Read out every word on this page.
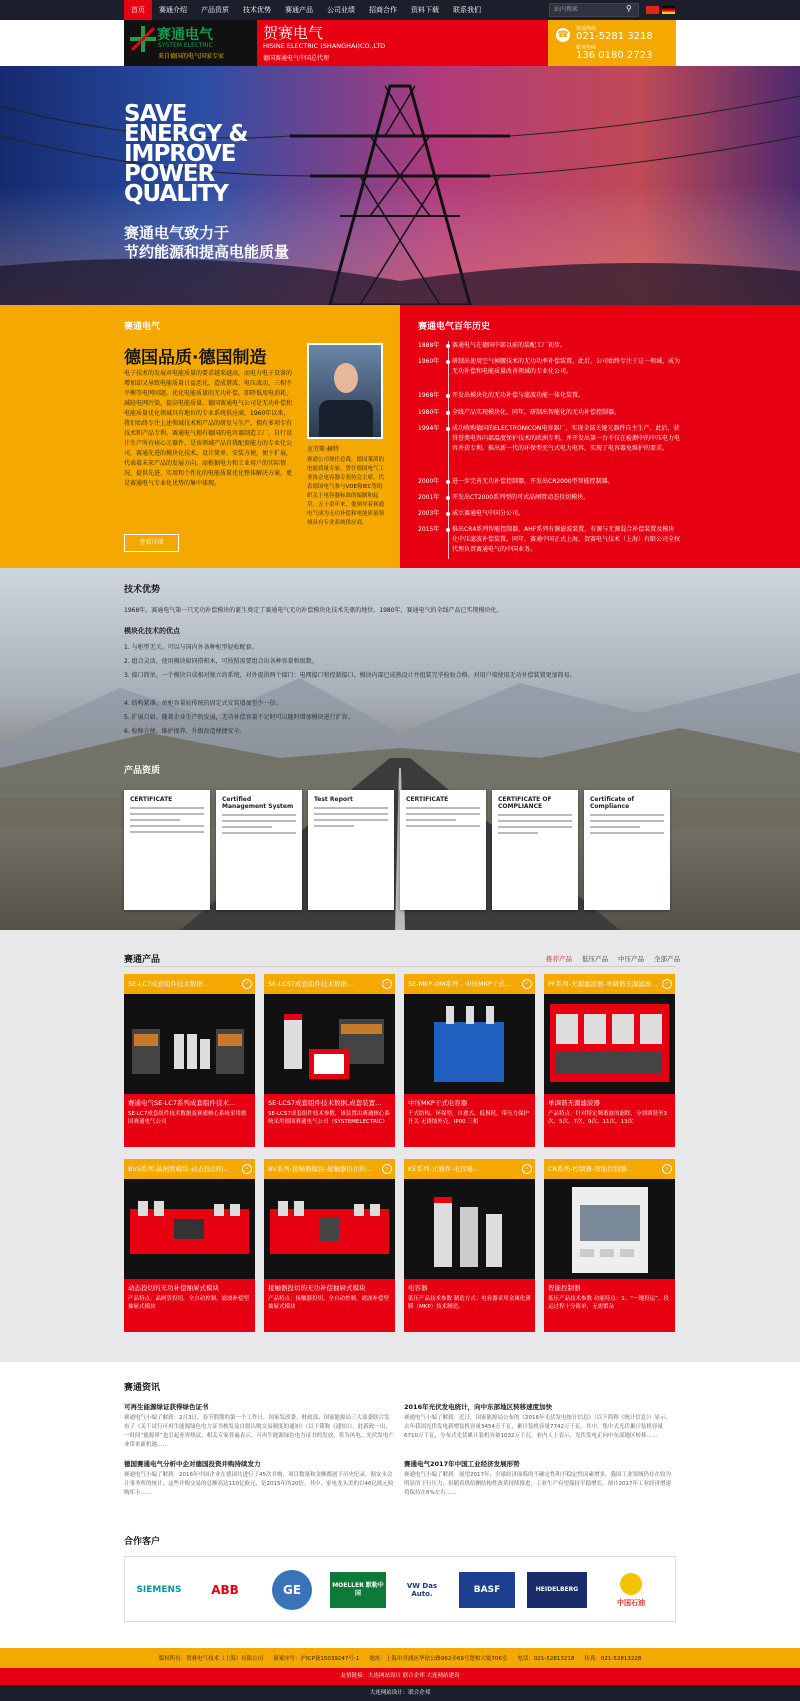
首页	赛通介绍	产品资质	技术优势	赛通产品	公司业绩	招商合作	资料下载	联系我们	站内搜索	⚲
赛通电气
SYSTEM ELECTRIC
来自德国的电气国家专家
贺赛电气
HISINE ELECTRIC (SHANGHAI)CO.,LTD
德国赛通电气中国总代理
☎
赛通热线
021-5281 3218
服务热线
136 0180 2723
SAVE
ENERGY &
IMPROVE
POWER
QUALITY
赛通电气致力于
节约能源和提高电能质量
赛通电气
德国品质·德国制造
电子技术的发展对电能质量的要求越来越高，而电力电子设备的增加却又导致电能质量日益恶化，造成谐波、电压波动、三相不平衡等电网问题。优化电能质量的无功补偿，即降低用电消耗、减轻电网污染，提高电能质量。德国赛通电气公司是无功补偿和电能质量优化领域具有地位的专业系统供应商。1960年以来，我们始终专注上述领域技术和产品的研发与生产，拥有多项专有技术和产品专利。赛通电气拥有德国的电容器制造工厂，自行设计生产所有核心元器件，是该领域产品自我配套能力的专业化公司。赛通先进的模块化技术，设计简单、安装方便，便于扩展，代表着未来产品的发展方向。而根据电力和工业用户的实际情况，提供先进、实用和个性化的电能质量优化整体解决方案，更是赛通电气专业化优势的集中体现。
克劳斯·赫特
赛通公司现任总裁，德国莱茵的电能质量专家，曾任德国电气工业协会电容器专业协会主席，代表德国电气参与VDE和IEC等组织关于电容器标准的编制和起草。五十余年来，他领导着赛通电气成为无功补偿和电能质量领域具有专业系统供应商。
查看详细
赛通电气百年历史
1888年	赛通电气在德国中部以前的装配工厂初步。
1960年	研制出使用空气帧腰技术的无功功率补偿装置。此后，公司始终专注于这一领域，成为无功补偿和电能质量改善领域的专业化公司。
1968年	开发出模块化的无功补偿与滤波功能一体化装置。
1980年	全线产品实现模块化。同年，研制出智能化的无功补偿控制器。
1994年	成功收购德国的ELECTRONICON电容器厂，实现全部关键元器件自主生产。此后，获得誉类电容内部温度保护技术的欧洲专利。并开发出第一台不仅在检测中的中压电力电容并获专利。推出新一代的环保型充气式电力电容，实现了电容器免维护的要求。
2000年	进一步完善无功补偿控制器，开发出CR2000型智能控制器。
2001年	开发出CT2000系列型的可式晶闸管动态投切模块。
2003年	成立赛通电气中国分公司。
2015年	推出CR4系列智能控制器，AHF系列有源滤波装置，有源与无源混合补偿装置及模块化中压滤波补偿装置。同年，赛通中国正式上海，贺赛电气技术（上海）有限公司全权代理负责赛通电气的中国业务。
技术优势
1968年，赛通电气第一只无功补偿模块的诞生奠定了赛通电气无功补偿模块化技术先驱的地位。1980年，赛通电气的全线产品已实现模块化。
模块化技术的优点
1. 与柜型无关。可以与国内外各种柜型轻松配套。
2. 组合灵活。使用模块如同搭积木，可按照需要组合出各种容量和级数。
3. 接口简单。一个模块自成相对独立的系统，对外提供两个接口：电网接口和控制接口。模块内部已成熟设计并组装完毕检验合格。对用户端使用无功补偿装置更加简易。
4. 结构紧凑。单柜容量较传统的固定式安装增加至少一倍。
5. 扩展自如。随着企业生产的发展，无功补偿容量不足时可以随时增加模块进行扩容。
6. 检修方便。维护保养、升级改造便捷安全。
产品资质
CERTIFICATE	Certified Management System
Test Report	CERTIFICATE	CERTIFICATE OF COMPLIANCE
Certificate of Compliance
赛通产品	推荐产品 低压产品 中压产品 全部产品
SE-LC7成套组件技术数据...	›
赛通电气SE-LC7系列成套组件技术...
SE-LC7成套组件技术数据及赛通核心系统采用德国赛通电气公司
SE-LCS7成套组件技术数据...	›
SE-LCS7成套组件技术数据,成套装置...
SE-LCS7成套组件技术参数，该装置由赛通核心系统采用德国赛通电气公司（SYSTEMELECTRIC）
SE-MKP-OM系列 - 中压MKP干式...	›
中压MKP干式电容器
干式结构，环保型，自愈式，低损耗，带压力保护开关 无锈蚀外壳，IP00 三相
PF系列-无源滤波器-单调谐无源滤波...	›
单调谐无源滤波器
产品特点：针对特定频谐波的滤除，分别调谐至3次、5次、7次、9次、11次、13次
BVS系列-晶闸管模块-动态投切的...	›
动态投切的无功补偿抽屉式模块
产品特点：晶闸管投切，全自动控制，滤波补偿型抽屉式模块
BV系列-接触器模块-接触器投切的...	›
接触器投切的无功补偿抽屉式模块
产品特点：接触器投切，全自动控制，滤波补偿型抽屉式模块
KE系列-元器件-电容器...	›
电容器
低压产品技术参数 制造方式：电容器采用金属化薄膜（MKP）技术制造。
CR系列-控制器-智能控制器...	›
智能控制器
低压产品技术参数 功能特点：1、“一键投运”，投运过程十分简单，无需繁杂
赛通资讯
可再生能源绿证获得绿色证书
赛通电气小编了解到：2月3日，春节假期的第一个工作日，国家发改委、财政部、国家能源局三大部委联合发布了《关于试行可再生能源绿色电力证书核发及自愿认购交易制度的通知》（以下简称《通知》），此新政一出，一时间“能源界”也引起业界热议，相关专家普遍表示，可再生能源绿色电力证书的发放，将为风电、光伏发电产业带来新机遇……
2016年光伏发电统计，向中东部地区转移速度加快
赛通电气小编了解到：近日，国家能源局公布的《2016年光伏发电统计信息》（以下简称《统计信息》）显示，去年我国光伏发电新增装机容量3454万千瓦，累计装机容量7742万千瓦。其中，集中式光伏累计装机容量6710万千瓦，分布式光伏累计装机容量1032万千瓦。业内人士表示，光伏发电正向中东部地区转移……
德国赛通电气分析中企对德国投资并购持续发力
赛通电气小编了解到：2016年中国企业在德国共进行了45次并购，项目数量和金额都创下历史纪录。据安永会计事务所的统计，这些并购交易的总额高达110亿欧元，是2015年的20倍。其中，家电龙头美的以46亿欧元收购库卡……
赛通电气2017年中国工业经济发展形势
赛通电气小编了解到：展望2017年，全球经济面临的不确定性和不稳定性因素增多，我国工业领域仍存在较为明显的下行压力，但随着供给侧结构性改革持续推进，工业生产有望保持平稳增长。预计2017年工业经济增速将保持在6%左右……
合作客户
SIEMENS	ABB	GE	MOELLER 默勒中国
VW Das Auto.	BASF	HEIDELBERG
中国石油
版权所有：贺赛电气技术（上海）有限公司 备案序号：沪ICP备15039247号-1 地址：上海市青浦区华徐公路962弄69号楚柏大厦706室 电话：021-52813218 传真：021-52813228
友情链接：大连网站设计 联合企邦 大连网站建设
大连网站设计：联合企邦
